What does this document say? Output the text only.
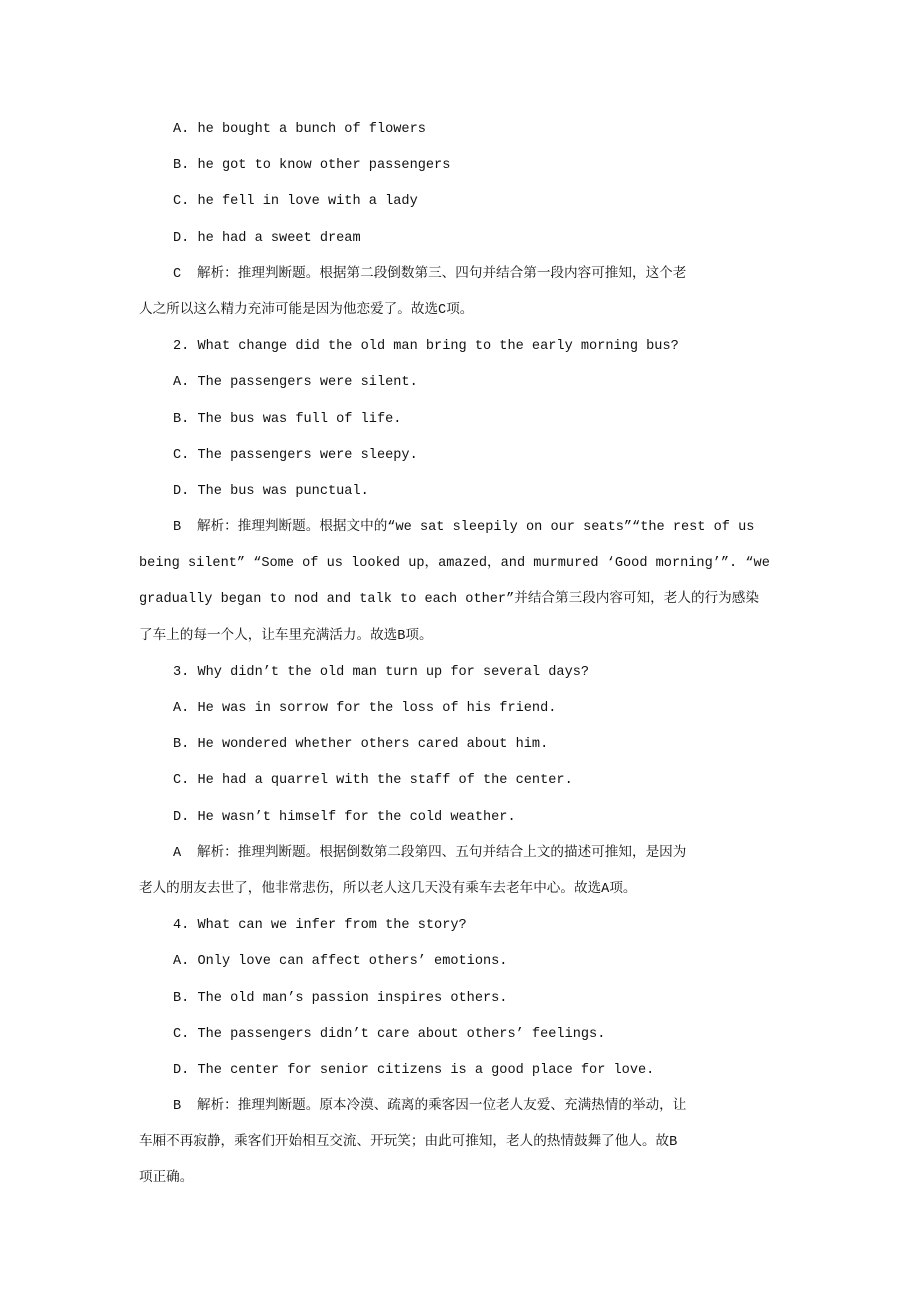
A. he bought a bunch of flowers
B. he got to know other passengers
C. he fell in love with a lady
D. he had a sweet dream
C 解析：推理判断题。根据第二段倒数第三、四句并结合第一段内容可推知，这个老
人之所以这么精力充沛可能是因为他恋爱了。故选C项。
2. What change did the old man bring to the early morning bus?
A. The passengers were silent.
B. The bus was full of life.
C. The passengers were sleepy.
D. The bus was punctual.
B 解析：推理判断题。根据文中的“we sat sleepily on our seats”“the rest of us
being silent” “Some of us looked up，amazed，and murmured ‘Good morning’”. “we
gradually began to nod and talk to each other”并结合第三段内容可知，老人的行为感染
了车上的每一个人，让车里充满活力。故选B项。
3. Why didn’t the old man turn up for several days?
A. He was in sorrow for the loss of his friend.
B. He wondered whether others cared about him.
C. He had a quarrel with the staff of the center.
D. He wasn’t himself for the cold weather.
A 解析：推理判断题。根据倒数第二段第四、五句并结合上文的描述可推知，是因为
老人的朋友去世了，他非常悲伤，所以老人这几天没有乘车去老年中心。故选A项。
4. What can we infer from the story?
A. Only love can affect others’ emotions.
B. The old man’s passion inspires others.
C. The passengers didn’t care about others’ feelings.
D. The center for senior citizens is a good place for love.
B 解析：推理判断题。原本冷漠、疏离的乘客因一位老人友爱、充满热情的举动，让
车厢不再寂静，乘客们开始相互交流、开玩笑；由此可推知，老人的热情鼓舞了他人。故B
项正确。
